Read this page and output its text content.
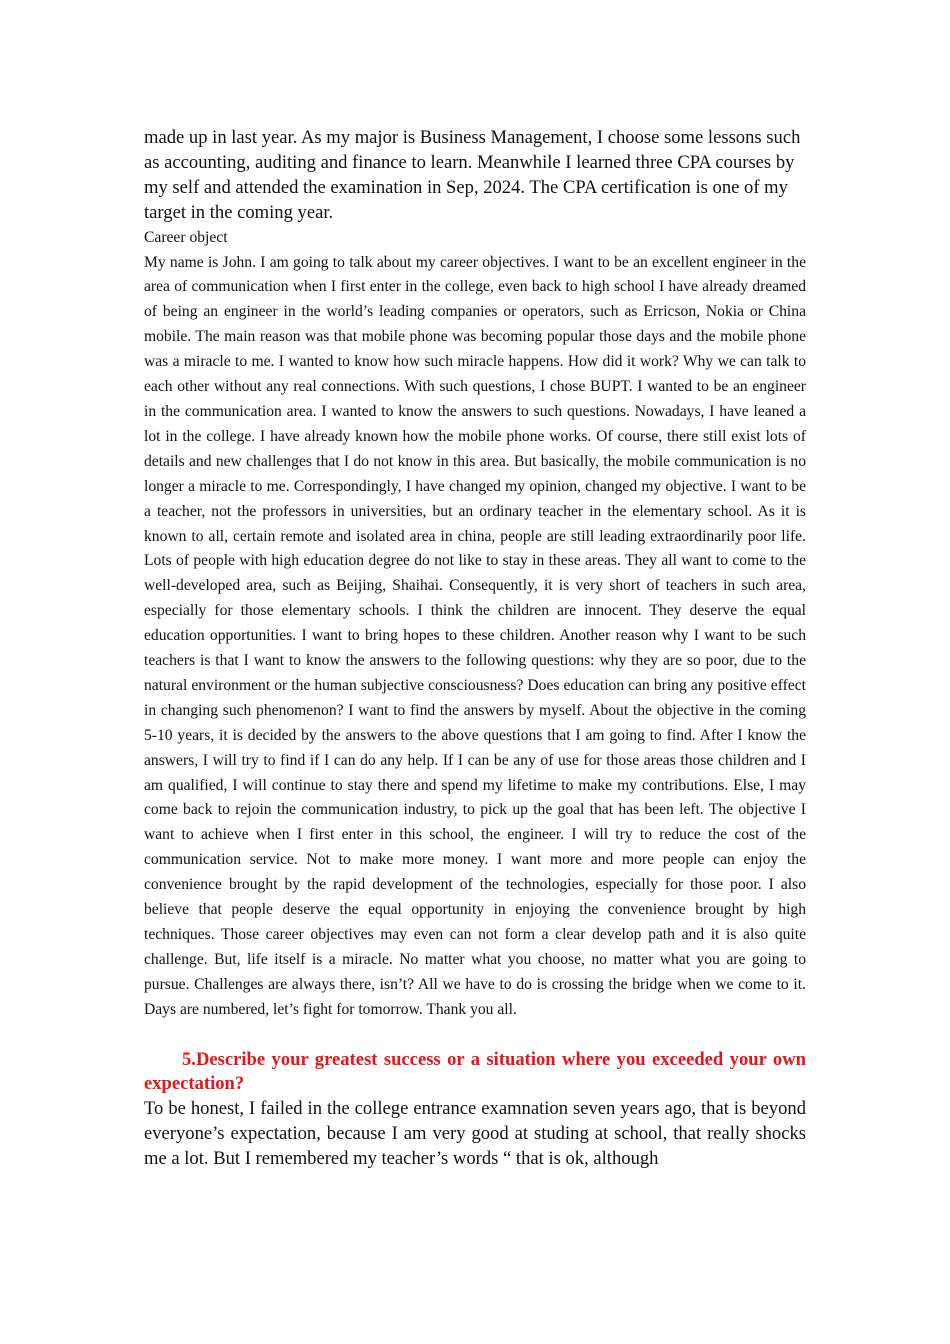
made up in last year. As my major is Business Management, I choose some lessons such as accounting, auditing and finance to learn. Meanwhile I learned three CPA courses by my self and attended the examination in Sep, 2024. The CPA certification is one of my target in the coming year.

Career object

My name is John. I am going to talk about my career objectives. I want to be an excellent engineer in the area of communication when I first enter in the college, even back to high school I have already dreamed of being an engineer in the world’s leading companies or operators, such as Erricson, Nokia or China mobile. The main reason was that mobile phone was becoming popular those days and the mobile phone was a miracle to me. I wanted to know how such miracle happens. How did it work? Why we can talk to each other without any real connections. With such questions, I chose BUPT. I wanted to be an engineer in the communication area. I wanted to know the answers to such questions. Nowadays, I have leaned a lot in the college. I have already known how the mobile phone works. Of course, there still exist lots of details and new challenges that I do not know in this area. But basically, the mobile communication is no longer a miracle to me. Correspondingly, I have changed my opinion, changed my objective. I want to be a teacher, not the professors in universities, but an ordinary teacher in the elementary school. As it is known to all, certain remote and isolated area in china, people are still leading extraordinarily poor life. Lots of people with high education degree do not like to stay in these areas. They all want to come to the well-developed area, such as Beijing, Shaihai. Consequently, it is very short of teachers in such area, especially for those elementary schools. I think the children are innocent. They deserve the equal education opportunities. I want to bring hopes to these children. Another reason why I want to be such teachers is that I want to know the answers to the following questions: why they are so poor, due to the natural environment or the human subjective consciousness? Does education can bring any positive effect in changing such phenomenon? I want to find the answers by myself. About the objective in the coming 5-10 years, it is decided by the answers to the above questions that I am going to find. After I know the answers, I will try to find if I can do any help. If I can be any of use for those areas those children and I am qualified, I will continue to stay there and spend my lifetime to make my contributions. Else, I may come back to rejoin the communication industry, to pick up the goal that has been left. The objective I want to achieve when I first enter in this school, the engineer. I will try to reduce the cost of the communication service. Not to make more money. I want more and more people can enjoy the convenience brought by the rapid development of the technologies, especially for those poor. I also believe that people deserve the equal opportunity in enjoying the convenience brought by high techniques. Those career objectives may even can not form a clear develop path and it is also quite challenge. But, life itself is a miracle. No matter what you choose, no matter what you are going to pursue. Challenges are always there, isn’t? All we have to do is crossing the bridge when we come to it. Days are numbered, let’s fight for tomorrow. Thank you all.

5.Describe your greatest success or a situation where you exceeded your own expectation?

To be honest, I failed in the college entrance examnation seven years ago, that is beyond everyone’s expectation, because I am very good at studing at school, that really shocks me a lot. But I remembered my teacher’s words “ that is ok, although
